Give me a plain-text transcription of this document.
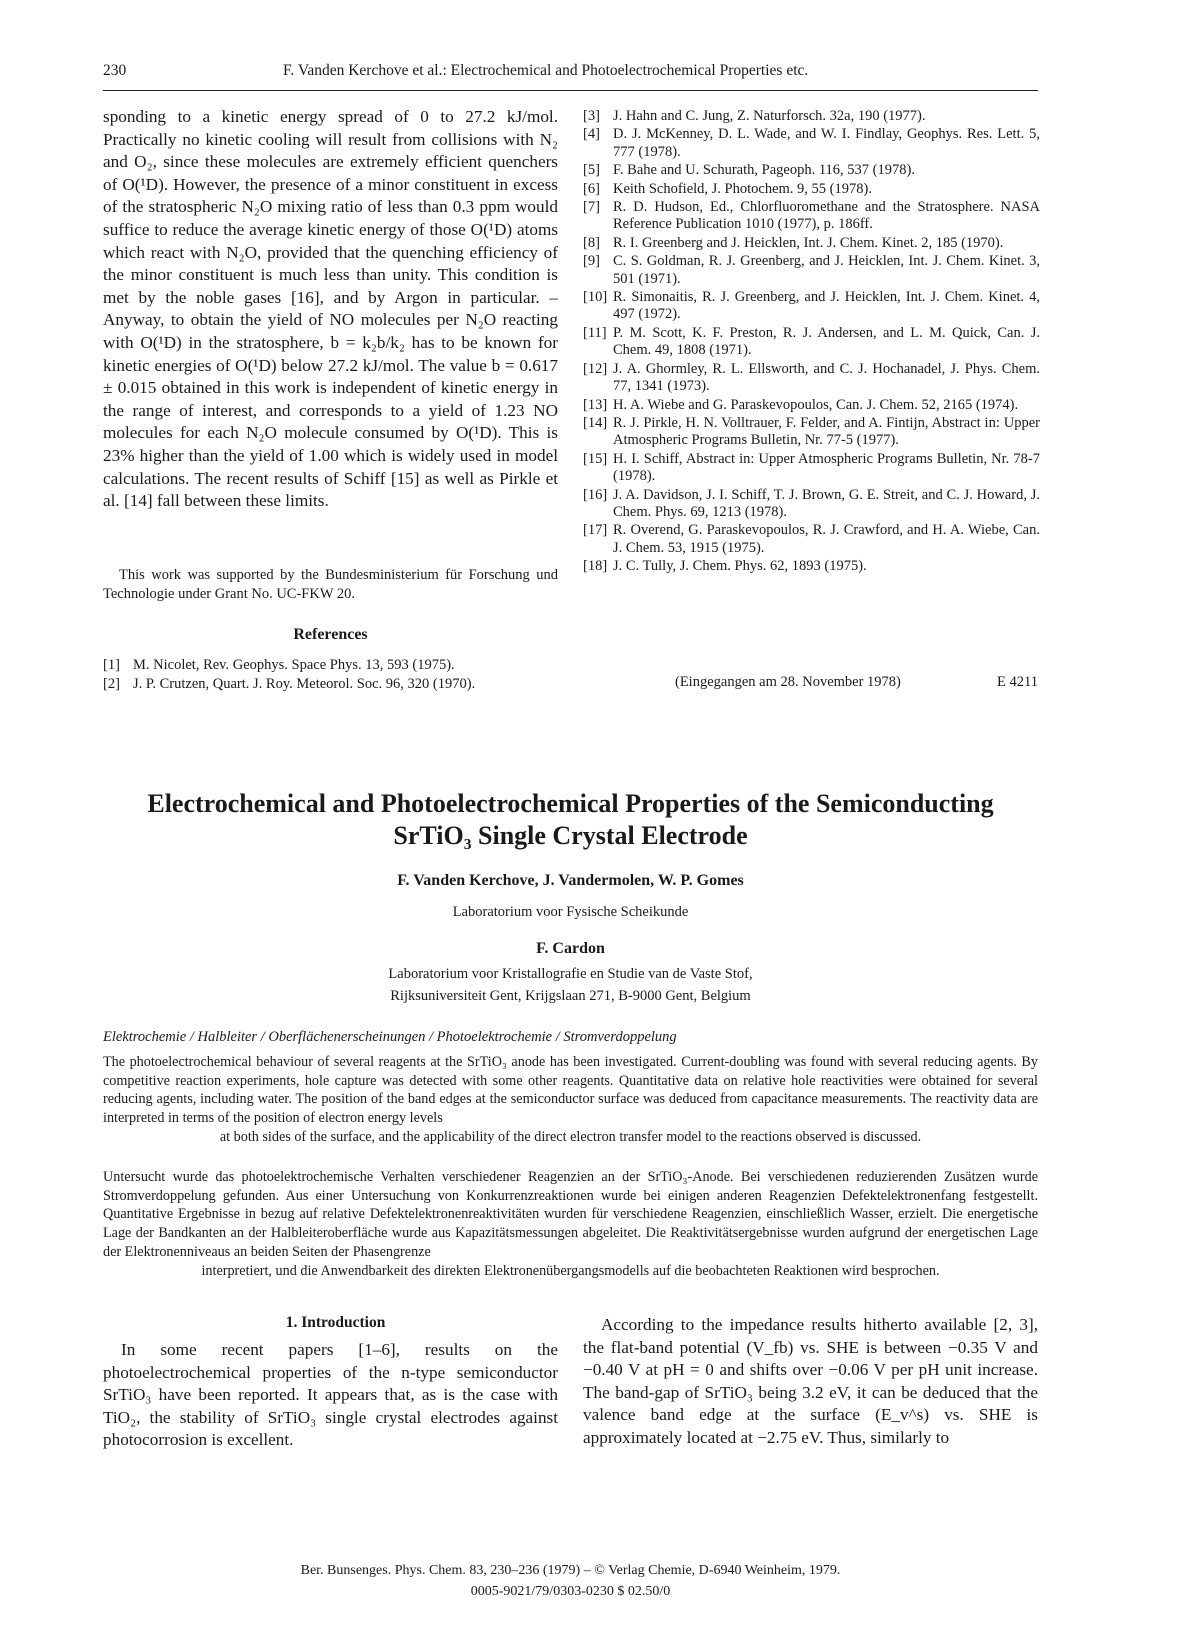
230	F. Vanden Kerchove et al.: Electrochemical and Photoelectrochemical Properties etc.
sponding to a kinetic energy spread of 0 to 27.2 kJ/mol. Practically no kinetic cooling will result from collisions with N₂ and O₂, since these molecules are extremely efficient quenchers of O(¹D). However, the presence of a minor constituent in excess of the stratospheric N₂O mixing ratio of less than 0.3 ppm would suffice to reduce the average kinetic energy of those O(¹D) atoms which react with N₂O, provided that the quenching efficiency of the minor constituent is much less than unity. This condition is met by the noble gases [16], and by Argon in particular. – Anyway, to obtain the yield of NO molecules per N₂O reacting with O(¹D) in the stratosphere, b = k₂b/k₂ has to be known for kinetic energies of O(¹D) below 27.2 kJ/mol. The value b = 0.617 ± 0.015 obtained in this work is independent of kinetic energy in the range of interest, and corresponds to a yield of 1.23 NO molecules for each N₂O molecule consumed by O(¹D). This is 23% higher than the yield of 1.00 which is widely used in model calculations. The recent results of Schiff [15] as well as Pirkle et al. [14] fall between these limits.
This work was supported by the Bundesministerium für Forschung und Technologie under Grant No. UC-FKW 20.
References
[1] M. Nicolet, Rev. Geophys. Space Phys. 13, 593 (1975).
[2] J. P. Crutzen, Quart. J. Roy. Meteorol. Soc. 96, 320 (1970).
[3] J. Hahn and C. Jung, Z. Naturforsch. 32a, 190 (1977).
[4] D. J. McKenney, D. L. Wade, and W. I. Findlay, Geophys. Res. Lett. 5, 777 (1978).
[5] F. Bahe and U. Schurath, Pageoph. 116, 537 (1978).
[6] Keith Schofield, J. Photochem. 9, 55 (1978).
[7] R. D. Hudson, Ed., Chlorfluoromethane and the Stratosphere. NASA Reference Publication 1010 (1977), p. 186ff.
[8] R. I. Greenberg and J. Heicklen, Int. J. Chem. Kinet. 2, 185 (1970).
[9] C. S. Goldman, R. J. Greenberg, and J. Heicklen, Int. J. Chem. Kinet. 3, 501 (1971).
[10] R. Simonaitis, R. J. Greenberg, and J. Heicklen, Int. J. Chem. Kinet. 4, 497 (1972).
[11] P. M. Scott, K. F. Preston, R. J. Andersen, and L. M. Quick, Can. J. Chem. 49, 1808 (1971).
[12] J. A. Ghormley, R. L. Ellsworth, and C. J. Hochanadel, J. Phys. Chem. 77, 1341 (1973).
[13] H. A. Wiebe and G. Paraskevopoulos, Can. J. Chem. 52, 2165 (1974).
[14] R. J. Pirkle, H. N. Volltrauer, F. Felder, and A. Fintijn, Abstract in: Upper Atmospheric Programs Bulletin, Nr. 77-5 (1977).
[15] H. I. Schiff, Abstract in: Upper Atmospheric Programs Bulletin, Nr. 78-7 (1978).
[16] J. A. Davidson, J. I. Schiff, T. J. Brown, G. E. Streit, and C. J. Howard, J. Chem. Phys. 69, 1213 (1978).
[17] R. Overend, G. Paraskevopoulos, R. J. Crawford, and H. A. Wiebe, Can. J. Chem. 53, 1915 (1975).
[18] J. C. Tully, J. Chem. Phys. 62, 1893 (1975).
(Eingegangen am 28. November 1978)	E 4211
Electrochemical and Photoelectrochemical Properties of the Semiconducting
SrTiO₃ Single Crystal Electrode
F. Vanden Kerchove, J. Vandermolen, W. P. Gomes
Laboratorium voor Fysische Scheikunde
F. Cardon
Laboratorium voor Kristallografie en Studie van de Vaste Stof,
Rijksuniversiteit Gent, Krijgslaan 271, B-9000 Gent, Belgium
Elektrochemie / Halbleiter / Oberflächenerscheinungen / Photoelektrochemie / Stromverdoppelung
The photoelectrochemical behaviour of several reagents at the SrTiO₃ anode has been investigated. Current-doubling was found with several reducing agents. By competitive reaction experiments, hole capture was detected with some other reagents. Quantitative data on relative hole reactivities were obtained for several reducing agents, including water. The position of the band edges at the semiconductor surface was deduced from capacitance measurements. The reactivity data are interpreted in terms of the position of electron energy levels
at both sides of the surface, and the applicability of the direct electron transfer model to the reactions observed is discussed.
Untersucht wurde das photoelektrochemische Verhalten verschiedener Reagenzien an der SrTiO₃-Anode. Bei verschiedenen reduzierenden Zusätzen wurde Stromverdoppelung gefunden. Aus einer Untersuchung von Konkurrenzreaktionen wurde bei einigen anderen Reagenzien Defektelektronenfang festgestellt. Quantitative Ergebnisse in bezug auf relative Defektelektronenreaktivitäten wurden für verschiedene Reagenzien, einschließlich Wasser, erzielt. Die energetische Lage der Bandkanten an der Halbleiteroberfläche wurde aus Kapazitätsmessungen abgeleitet. Die Reaktivitätsergebnisse wurden aufgrund der energetischen Lage der Elektronenniveaus an beiden Seiten der Phasengrenze
interpretiert, und die Anwendbarkeit des direkten Elektronenübergangsmodells auf die beobachteten Reaktionen wird besprochen.
1. Introduction
In some recent papers [1–6], results on the photoelectrochemical properties of the n-type semiconductor SrTiO₃ have been reported. It appears that, as is the case with TiO₂, the stability of SrTiO₃ single crystal electrodes against photocorrosion is excellent.
According to the impedance results hitherto available [2, 3], the flat-band potential (V_fb) vs. SHE is between −0.35 V and −0.40 V at pH = 0 and shifts over −0.06 V per pH unit increase. The band-gap of SrTiO₃ being 3.2 eV, it can be deduced that the valence band edge at the surface (E_v^s) vs. SHE is approximately located at −2.75 eV. Thus, similarly to
Ber. Bunsenges. Phys. Chem. 83, 230–236 (1979) – © Verlag Chemie, D-6940 Weinheim, 1979.
0005-9021/79/0303-0230 $ 02.50/0
